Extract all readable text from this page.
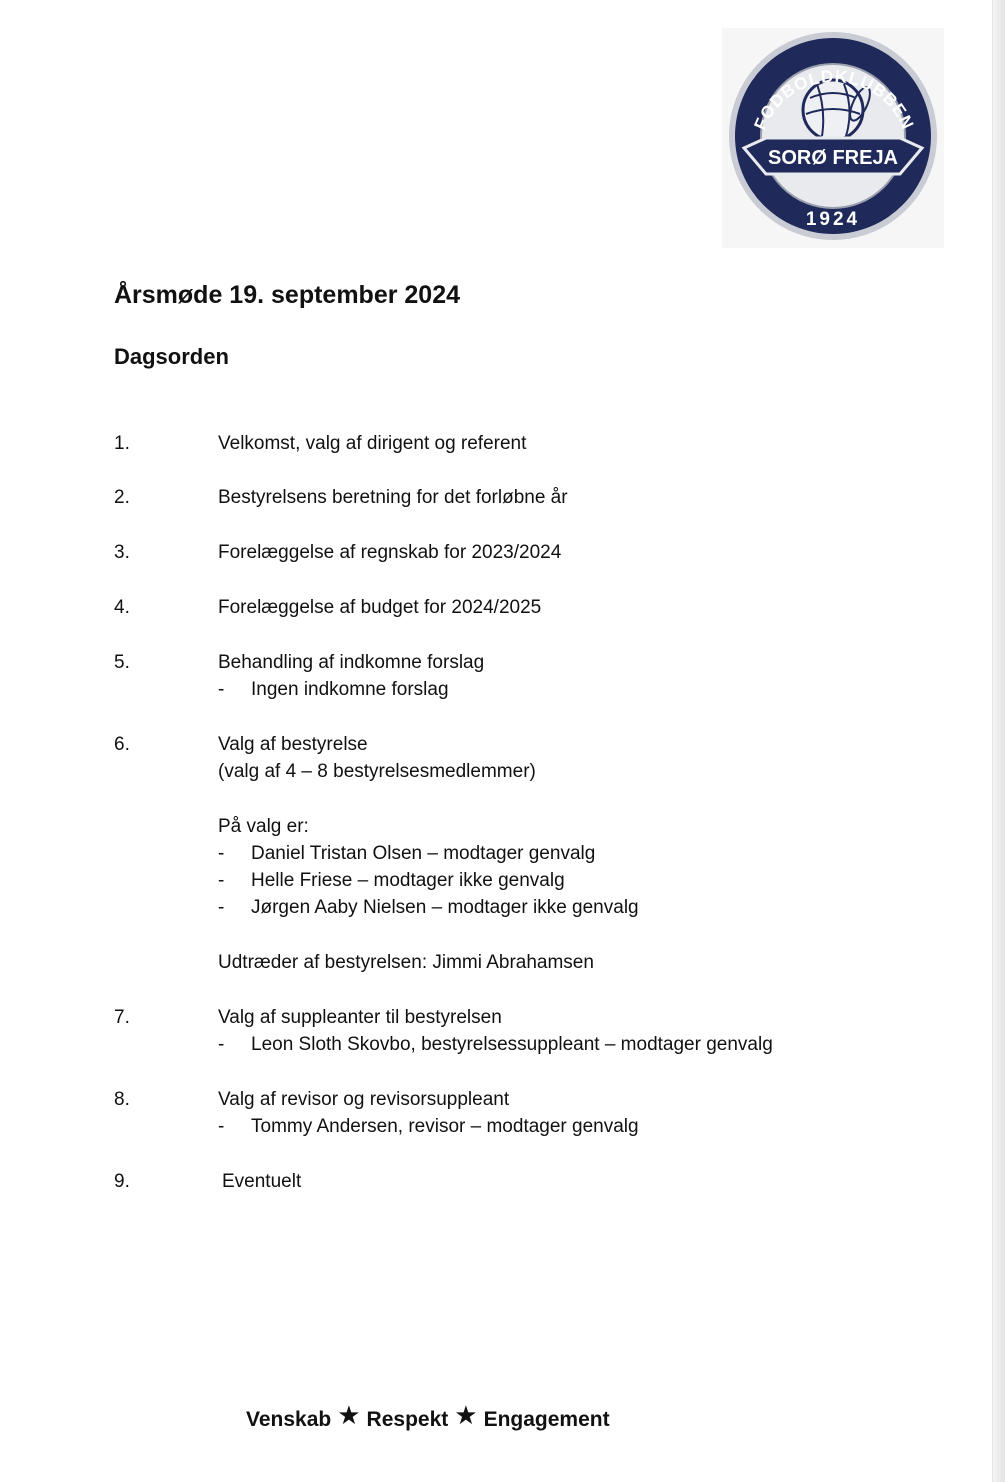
SORØ FREJA
FODBOLDKLUBBEN
1924
Årsmøde 19. september 2024
Dagsorden
1.	Velkomst, valg af dirigent og referent
2.	Bestyrelsens beretning for det forløbne år
3.	Forelæggelse af regnskab for 2023/2024
4.	Forelæggelse af budget for 2024/2025
5.	Behandling af indkomne forslag
- Ingen indkomne forslag
6.	Valg af bestyrelse
(valg af 4 – 8 bestyrelsesmedlemmer)
På valg er:
- Daniel Tristan Olsen – modtager genvalg
- Helle Friese – modtager ikke genvalg
- Jørgen Aaby Nielsen – modtager ikke genvalg
Udtræder af bestyrelsen: Jimmi Abrahamsen
7.	Valg af suppleanter til bestyrelsen
- Leon Sloth Skovbo, bestyrelsessuppleant – modtager genvalg
8.	Valg af revisor og revisorsuppleant
- Tommy Andersen, revisor – modtager genvalg
9.	Eventuelt
Venskab ★ Respekt ★ Engagement
